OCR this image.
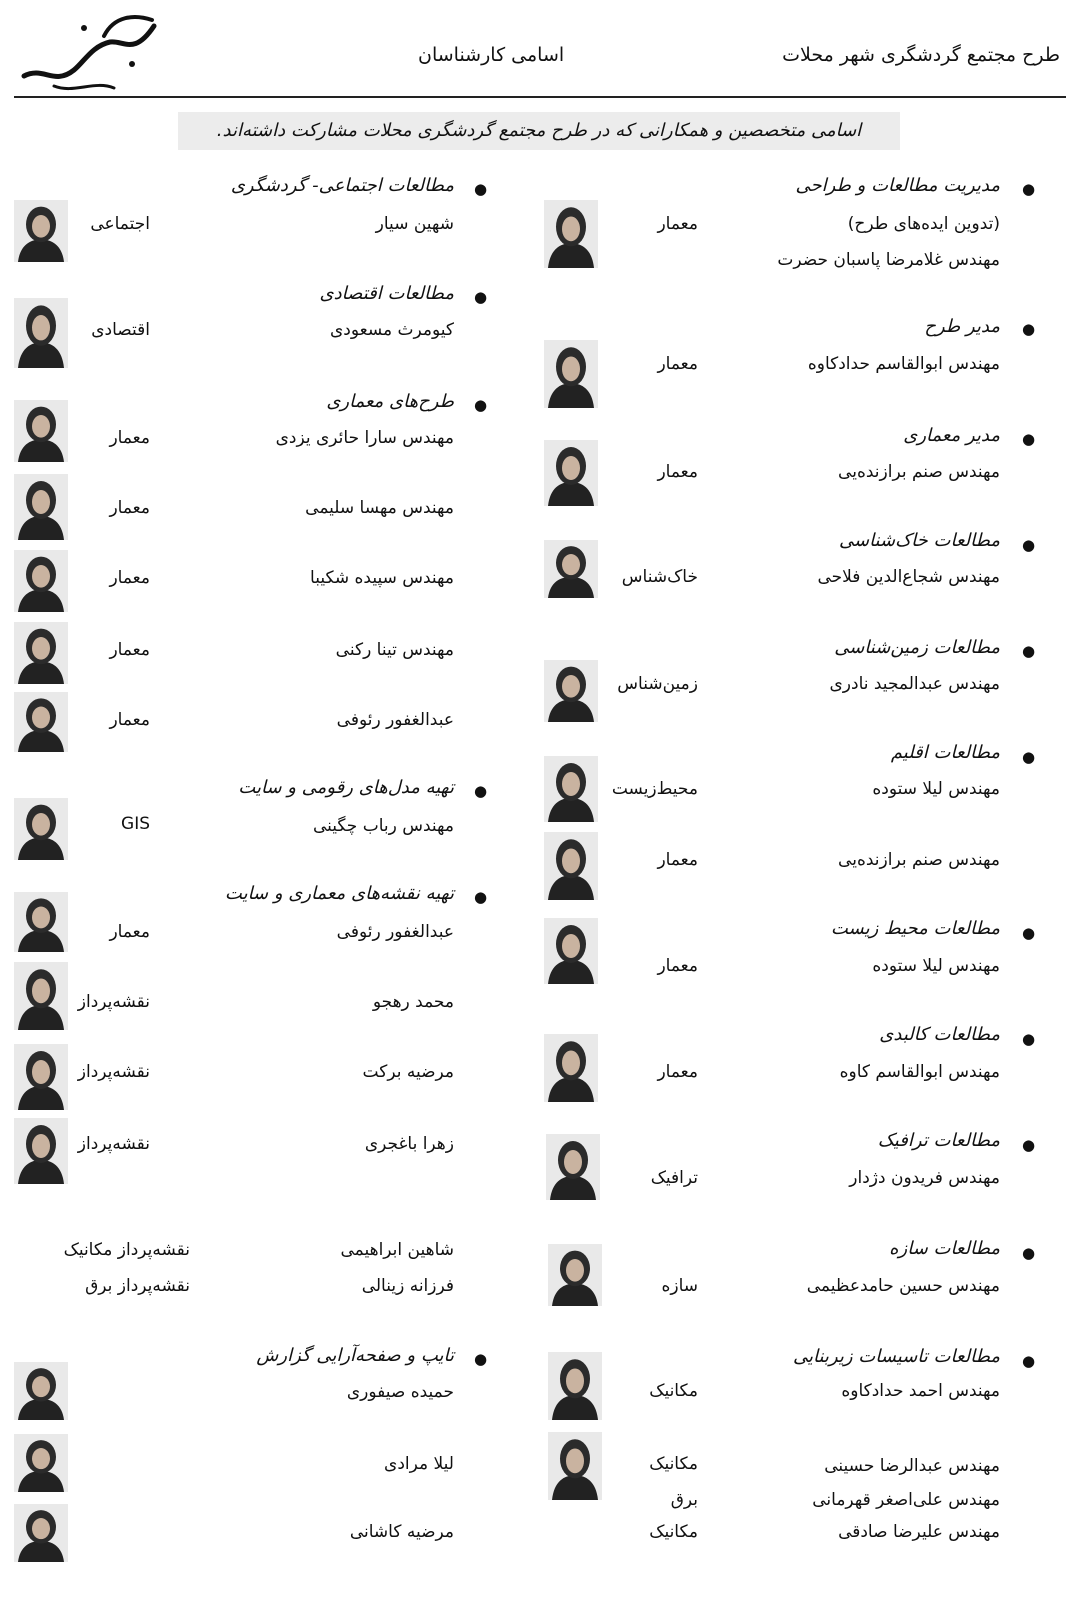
طرح مجتمع گردشگری شهر محلات
اسامی کارشناسان
اسامی متخصصین و همکارانی که در طرح مجتمع گردشگری محلات مشارکت داشته‌اند.
●
مدیریت مطالعات و طراحی
(تدوین ایده‌های طرح)
مهندس غلامرضا پاسبان حضرت
معمار
●
مدیر طرح
مهندس ابوالقاسم حدادکاوه
معمار
●
مدیر معماری
مهندس صنم برازنده‌یی
معمار
●
مطالعات خاک‌شناسی
مهندس شجاع‌الدین فلاحی
خاک‌شناس
●
مطالعات زمین‌شناسی
مهندس عبدالمجید نادری
زمین‌شناس
●
مطالعات اقلیم
مهندس لیلا ستوده
محیط‌زیست
مهندس صنم برازنده‌یی
معمار
●
مطالعات محیط زیست
مهندس لیلا ستوده
معمار
●
مطالعات کالبدی
مهندس ابوالقاسم کاوه
معمار
●
مطالعات ترافیک
مهندس فریدون دژدار
ترافیک
●
مطالعات سازه
مهندس حسین حامدعظیمی
سازه
●
مطالعات تاسیسات زیربنایی
مهندس احمد حدادکاوه
مکانیک
مهندس عبدالرضا حسینی
مکانیک
مهندس علی‌اصغر قهرمانی
برق
مهندس علیرضا صادقی
مکانیک
●
مطالعات اجتماعی- گردشگری
شهین سیار
اجتماعی
●
مطالعات اقتصادی
کیومرث مسعودی
اقتصادی
●
طرح‌های معماری
مهندس سارا حائری یزدی
معمار
مهندس مهسا سلیمی
معمار
مهندس سپیده شکیبا
معمار
مهندس تینا رکنی
معمار
عبدالغفور رئوفی
معمار
●
تهیه مدل‌های رقومی و سایت
مهندس رباب چگینی
GIS
●
تهیه نقشه‌های معماری و سایت
عبدالغفور رئوفی
معمار
محمد رهجو
نقشه‌پرداز
مرضیه برکت
نقشه‌پرداز
زهرا باغجری
نقشه‌پرداز
شاهین ابراهیمی
نقشه‌پرداز مکانیک
فرزانه زینالی
نقشه‌پرداز برق
●
تایپ و صفحه‌آرایی گزارش
حمیده صیفوری
لیلا مرادی
مرضیه کاشانی
